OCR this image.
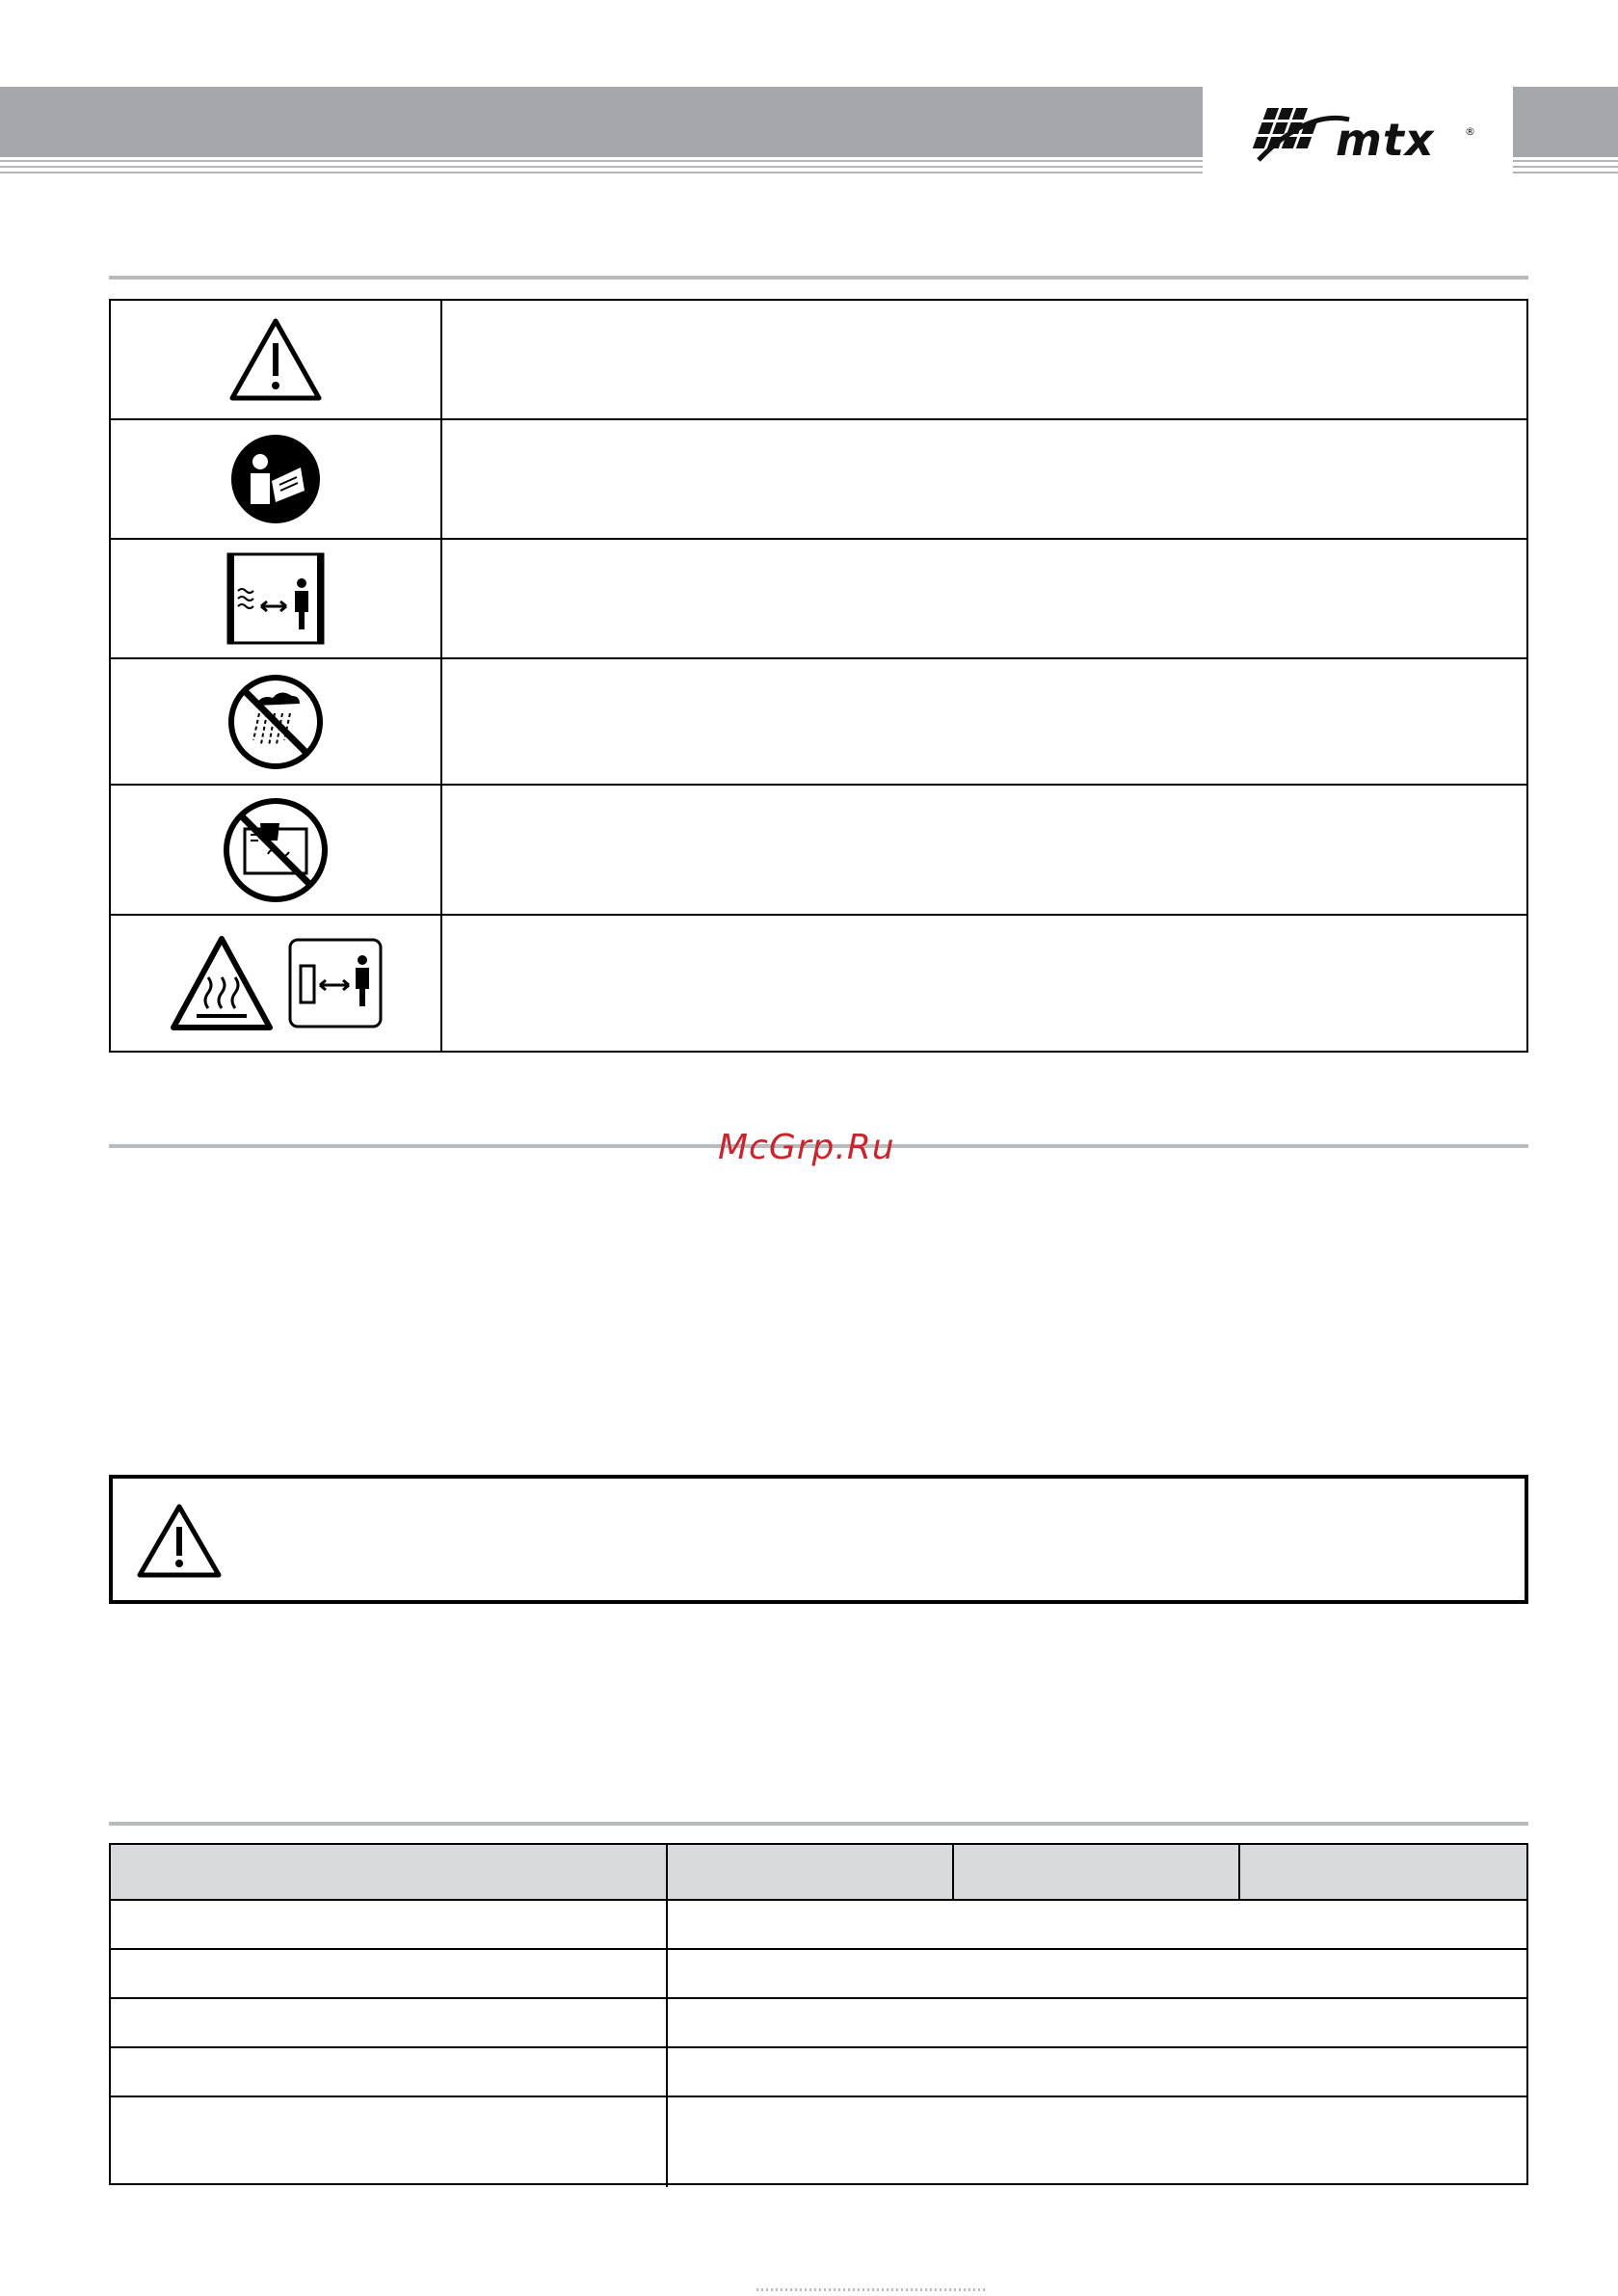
mtx	®
McGrp.Ru
